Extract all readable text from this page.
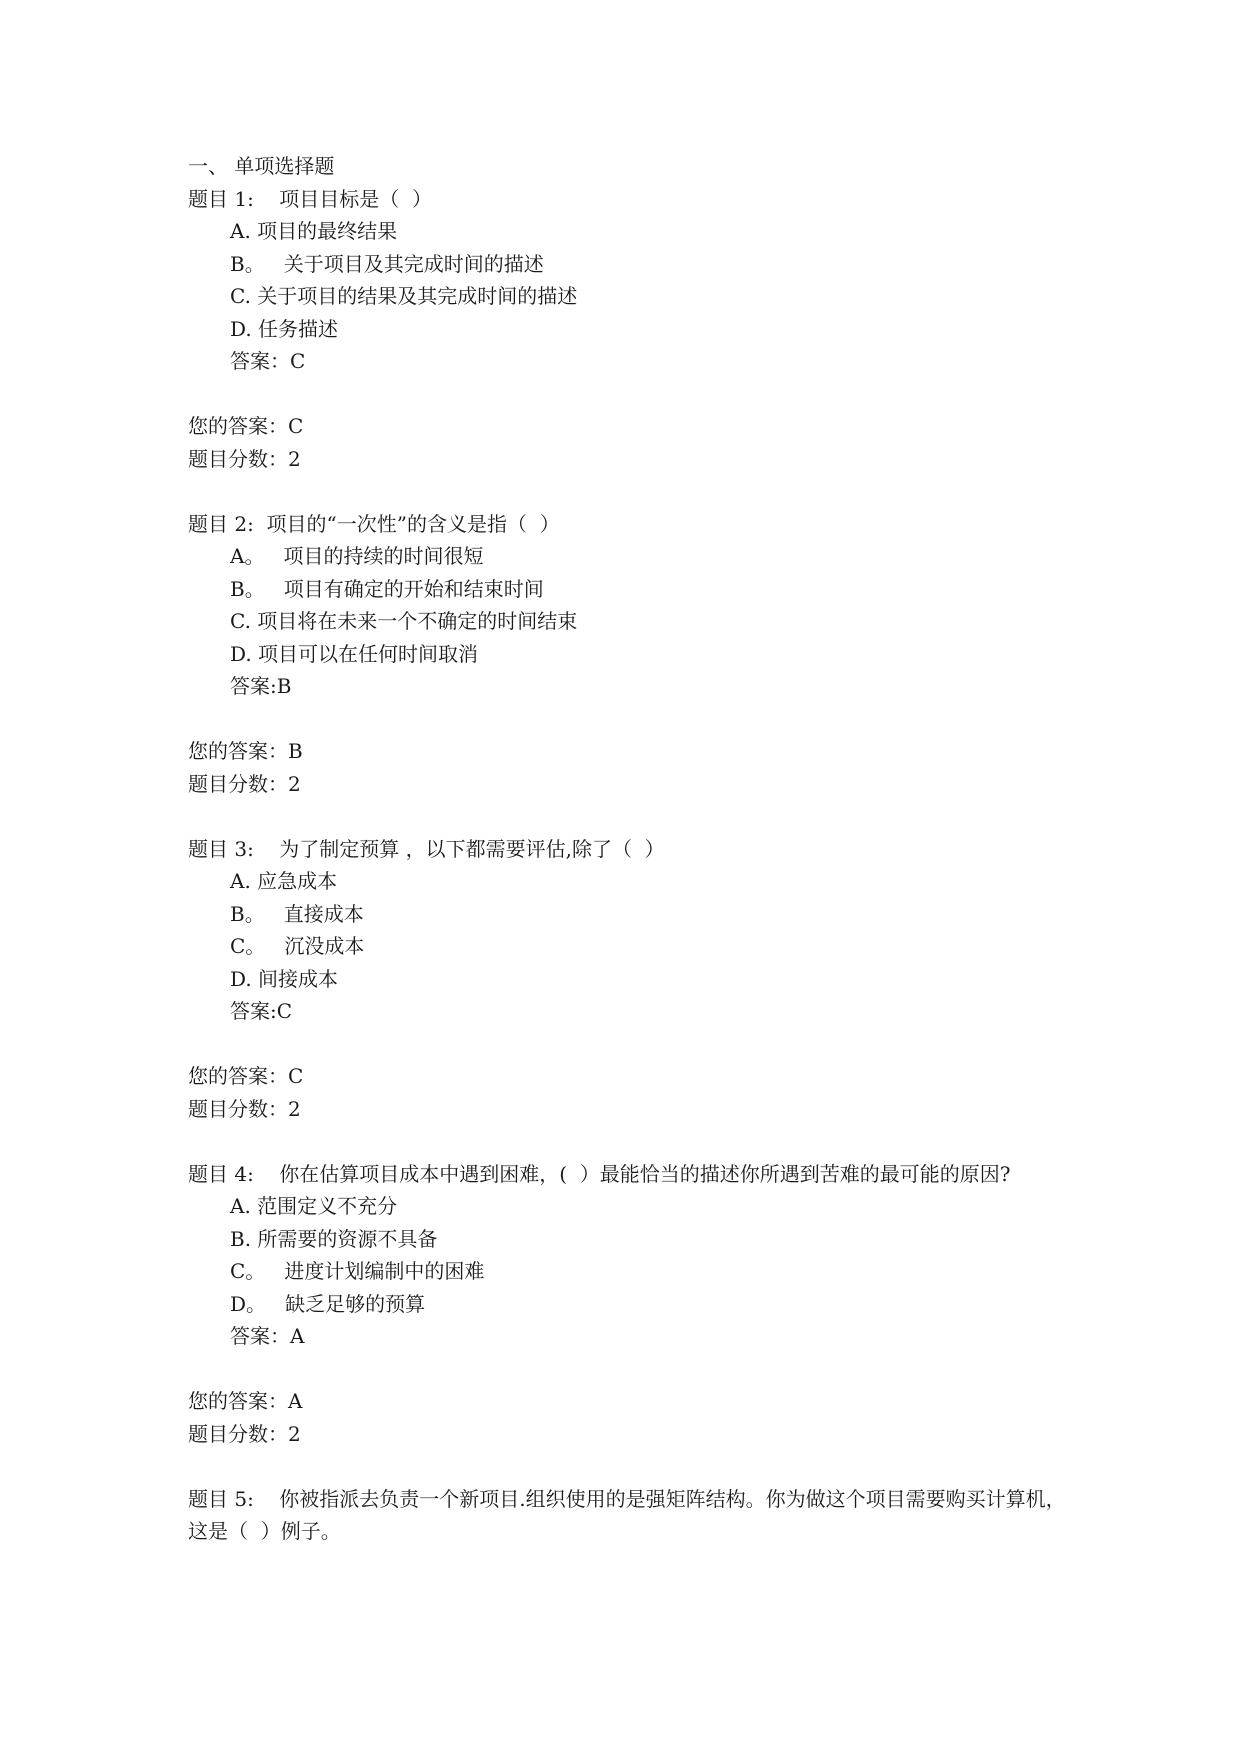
一、 单项选择题

题目 1:    项目目标是（  ）

A. 项目的最终结果

B。   关于项目及其完成时间的描述

C. 关于项目的结果及其完成时间的描述

D. 任务描述

答案：C

您的答案：C

题目分数：2

题目 2:  项目的“一次性”的含义是指（  ）

A。   项目的持续的时间很短

B。   项目有确定的开始和结束时间

C. 项目将在未来一个不确定的时间结束

D. 项目可以在任何时间取消

答案:B

您的答案：B

题目分数：2

题目 3:    为了制定预算 ，以下都需要评估,除了（  ）

A. 应急成本

B。   直接成本

C。   沉没成本

D. 间接成本

答案:C

您的答案：C

题目分数：2

题目 4:    你在估算项目成本中遇到困难，(  ）最能恰当的描述你所遇到苦难的最可能的原因?

A. 范围定义不充分

B. 所需要的资源不具备

C。   进度计划编制中的困难

D。   缺乏足够的预算

答案：A

您的答案：A

题目分数：2

题目 5:    你被指派去负责一个新项目.组织使用的是强矩阵结构。你为做这个项目需要购买计算机，这是（  ）例子。
